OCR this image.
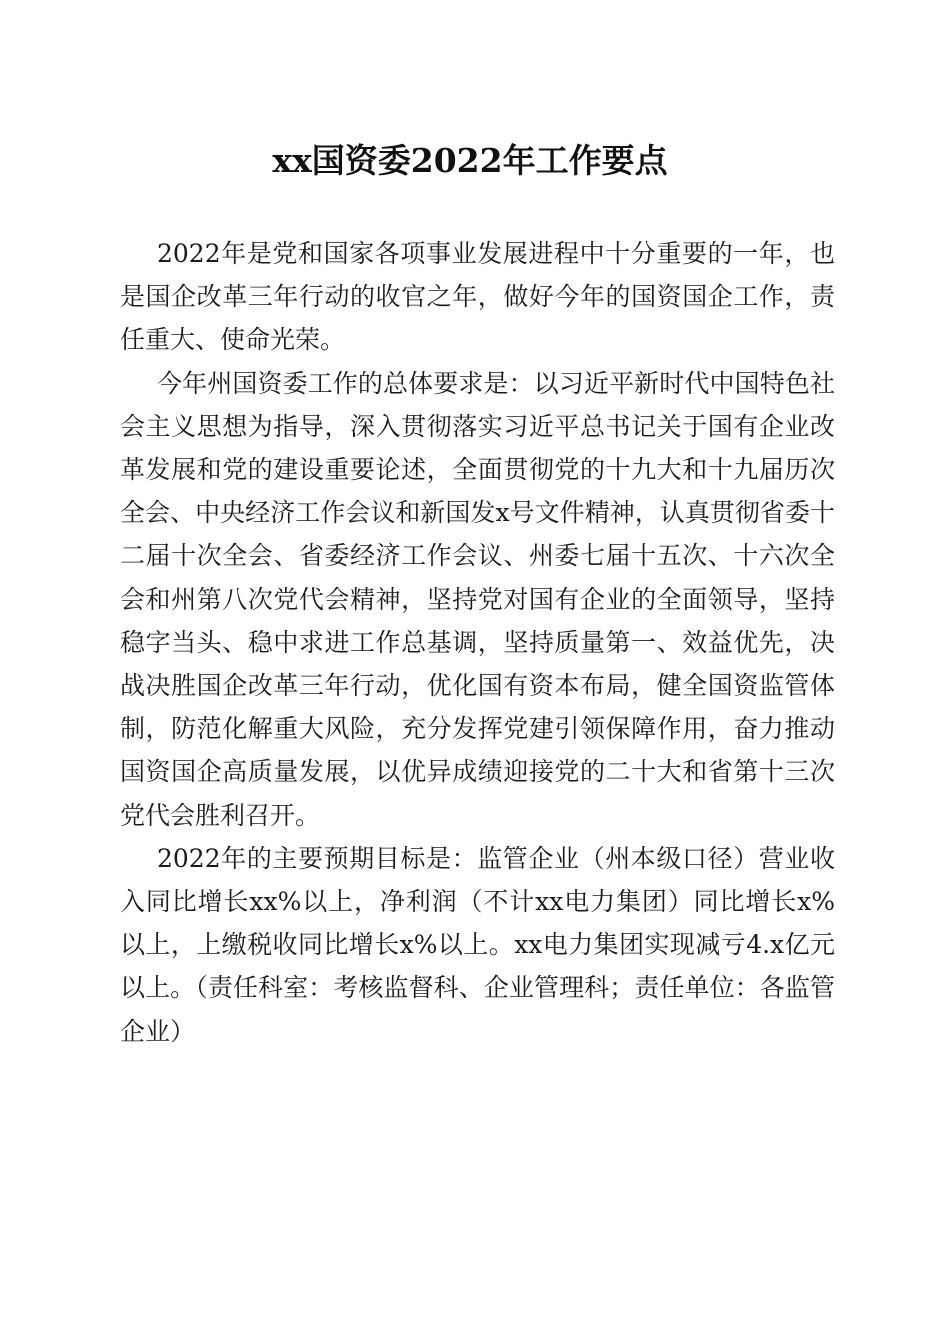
xx国资委2022年工作要点

2022年是党和国家各项事业发展进程中十分重要的一年，也是国企改革三年行动的收官之年，做好今年的国资国企工作，责任重大、使命光荣。

今年州国资委工作的总体要求是：以习近平新时代中国特色社会主义思想为指导，深入贯彻落实习近平总书记关于国有企业改革发展和党的建设重要论述，全面贯彻党的十九大和十九届历次全会、中央经济工作会议和新国发x号文件精神，认真贯彻省委十二届十次全会、省委经济工作会议、州委七届十五次、十六次全会和州第八次党代会精神，坚持党对国有企业的全面领导，坚持稳字当头、稳中求进工作总基调，坚持质量第一、效益优先，决战决胜国企改革三年行动，优化国有资本布局，健全国资监管体制，防范化解重大风险，充分发挥党建引领保障作用，奋力推动国资国企高质量发展，以优异成绩迎接党的二十大和省第十三次党代会胜利召开。

2022年的主要预期目标是：监管企业（州本级口径）营业收入同比增长xx%以上，净利润（不计xx电力集团）同比增长x%以上，上缴税收同比增长x%以上。xx电力集团实现减亏4.x亿元以上。（责任科室：考核监督科、企业管理科；责任单位：各监管企业）
